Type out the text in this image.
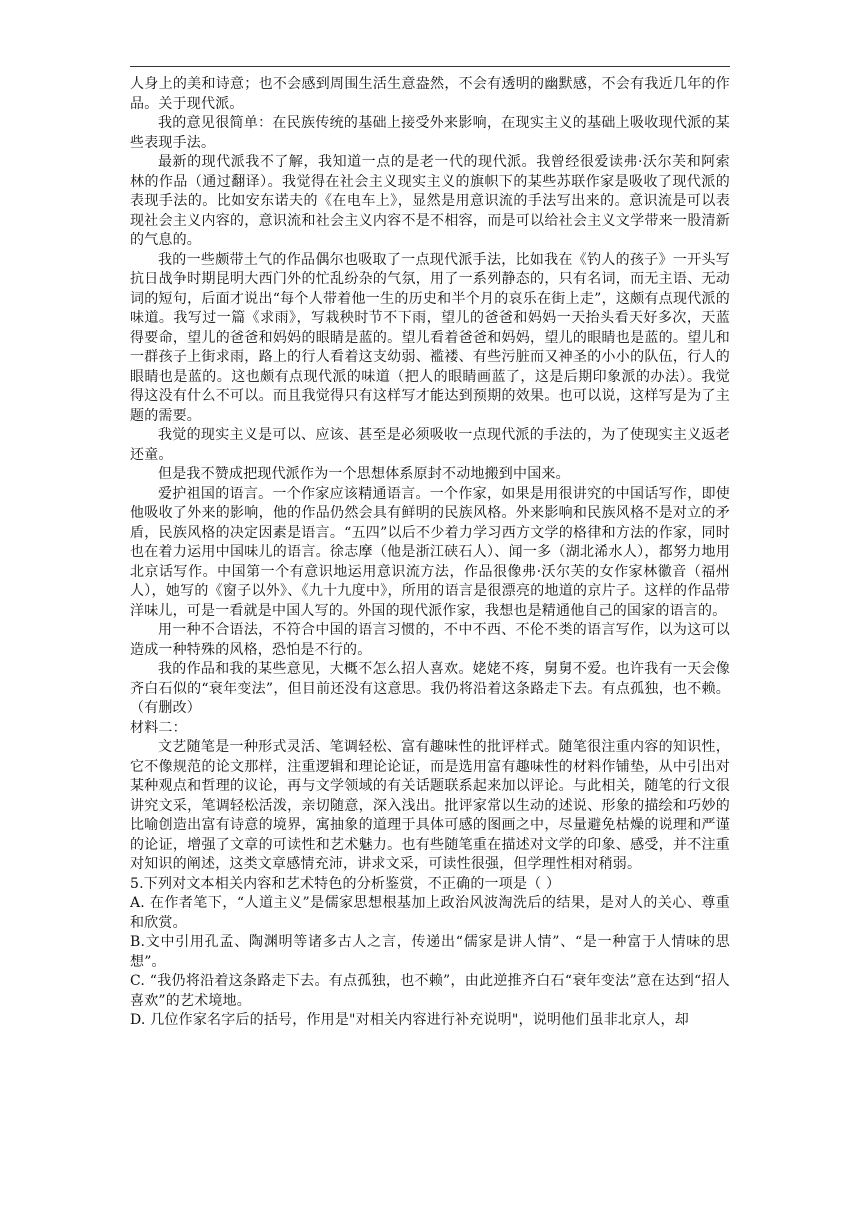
人身上的美和诗意；也不会感到周围生活生意盎然，不会有透明的幽默感，不会有我近几年的作品。关于现代派。

我的意见很简单：在民族传统的基础上接受外来影响，在现实主义的基础上吸收现代派的某些表现手法。

最新的现代派我不了解，我知道一点的是老一代的现代派。我曾经很爱读弗·沃尔芙和阿索林的作品（通过翻译）。我觉得在社会主义现实主义的旗帜下的某些苏联作家是吸收了现代派的表现手法的。比如安东诺夫的《在电车上》，显然是用意识流的手法写出来的。意识流是可以表现社会主义内容的，意识流和社会主义内容不是不相容，而是可以给社会主义文学带来一股清新的气息的。

我的一些颇带土气的作品偶尔也吸取了一点现代派手法，比如我在《钓人的孩子》一开头写抗日战争时期昆明大西门外的忙乱纷杂的气氛，用了一系列静态的，只有名词，而无主语、无动词的短句，后面才说出“每个人带着他一生的历史和半个月的哀乐在街上走”，这颇有点现代派的味道。我写过一篇《求雨》，写栽秧时节不下雨，望儿的爸爸和妈妈一天抬头看天好多次，天蓝得要命，望儿的爸爸和妈妈的眼睛是蓝的。望儿看着爸爸和妈妈，望儿的眼睛也是蓝的。望儿和一群孩子上街求雨，路上的行人看着这支幼弱、褴褛、有些污脏而又神圣的小小的队伍，行人的眼睛也是蓝的。这也颇有点现代派的味道（把人的眼睛画蓝了，这是后期印象派的办法）。我觉得这没有什么不可以。而且我觉得只有这样写才能达到预期的效果。也可以说，这样写是为了主题的需要。

我觉的现实主义是可以、应该、甚至是必须吸收一点现代派的手法的，为了使现实主义返老还童。

但是我不赞成把现代派作为一个思想体系原封不动地搬到中国来。

爱护祖国的语言。一个作家应该精通语言。一个作家，如果是用很讲究的中国话写作，即使他吸收了外来的影响，他的作品仍然会具有鲜明的民族风格。外来影响和民族风格不是对立的矛盾，民族风格的决定因素是语言。“五四”以后不少着力学习西方文学的格律和方法的作家，同时也在着力运用中国味儿的语言。徐志摩（他是浙江硖石人）、闻一多（湖北浠水人），都努力地用北京话写作。中国第一个有意识地运用意识流方法，作品很像弗·沃尔芙的女作家林徽音（福州人），她写的《窗子以外》、《九十九度中》，所用的语言是很漂亮的地道的京片子。这样的作品带洋味儿，可是一看就是中国人写的。外国的现代派作家，我想也是精通他自己的国家的语言的。

用一种不合语法，不符合中国的语言习惯的，不中不西、不伦不类的语言写作，以为这可以造成一种特殊的风格，恐怕是不行的。

我的作品和我的某些意见，大概不怎么招人喜欢。姥姥不疼，舅舅不爱。也许我有一天会像齐白石似的“衰年变法”，但目前还没有这意思。我仍将沿着这条路走下去。有点孤独，也不赖。（有删改）

材料二：

文艺随笔是一种形式灵活、笔调轻松、富有趣味性的批评样式。随笔很注重内容的知识性，它不像规范的论文那样，注重逻辑和理论论证，而是选用富有趣味性的材料作铺垫，从中引出对某种观点和哲理的议论，再与文学领域的有关话题联系起来加以评论。与此相关，随笔的行文很讲究文采，笔调轻松活泼，亲切随意，深入浅出。批评家常以生动的述说、形象的描绘和巧妙的比喻创造出富有诗意的境界，寓抽象的道理于具体可感的图画之中，尽量避免枯燥的说理和严谨的论证，增强了文章的可读性和艺术魅力。也有些随笔重在描述对文学的印象、感受，并不注重对知识的阐述，这类文章感情充沛，讲求文采，可读性很强，但学理性相对稍弱。

5.下列对文本相关内容和艺术特色的分析鉴赏，不正确的一项是（ ）

A. 在作者笔下，“人道主义”是儒家思想根基加上政治风波淘洗后的结果，是对人的关心、尊重和欣赏。

B.文中引用孔孟、陶渊明等诸多古人之言，传递出“儒家是讲人情”、“是一种富于人情味的思想”。

C. “我仍将沿着这条路走下去。有点孤独，也不赖”，由此逆推齐白石“衰年变法”意在达到“招人喜欢”的艺术境地。

D. 几位作家名字后的括号，作用是"对相关内容进行补充说明"，说明他们虽非北京人，却
